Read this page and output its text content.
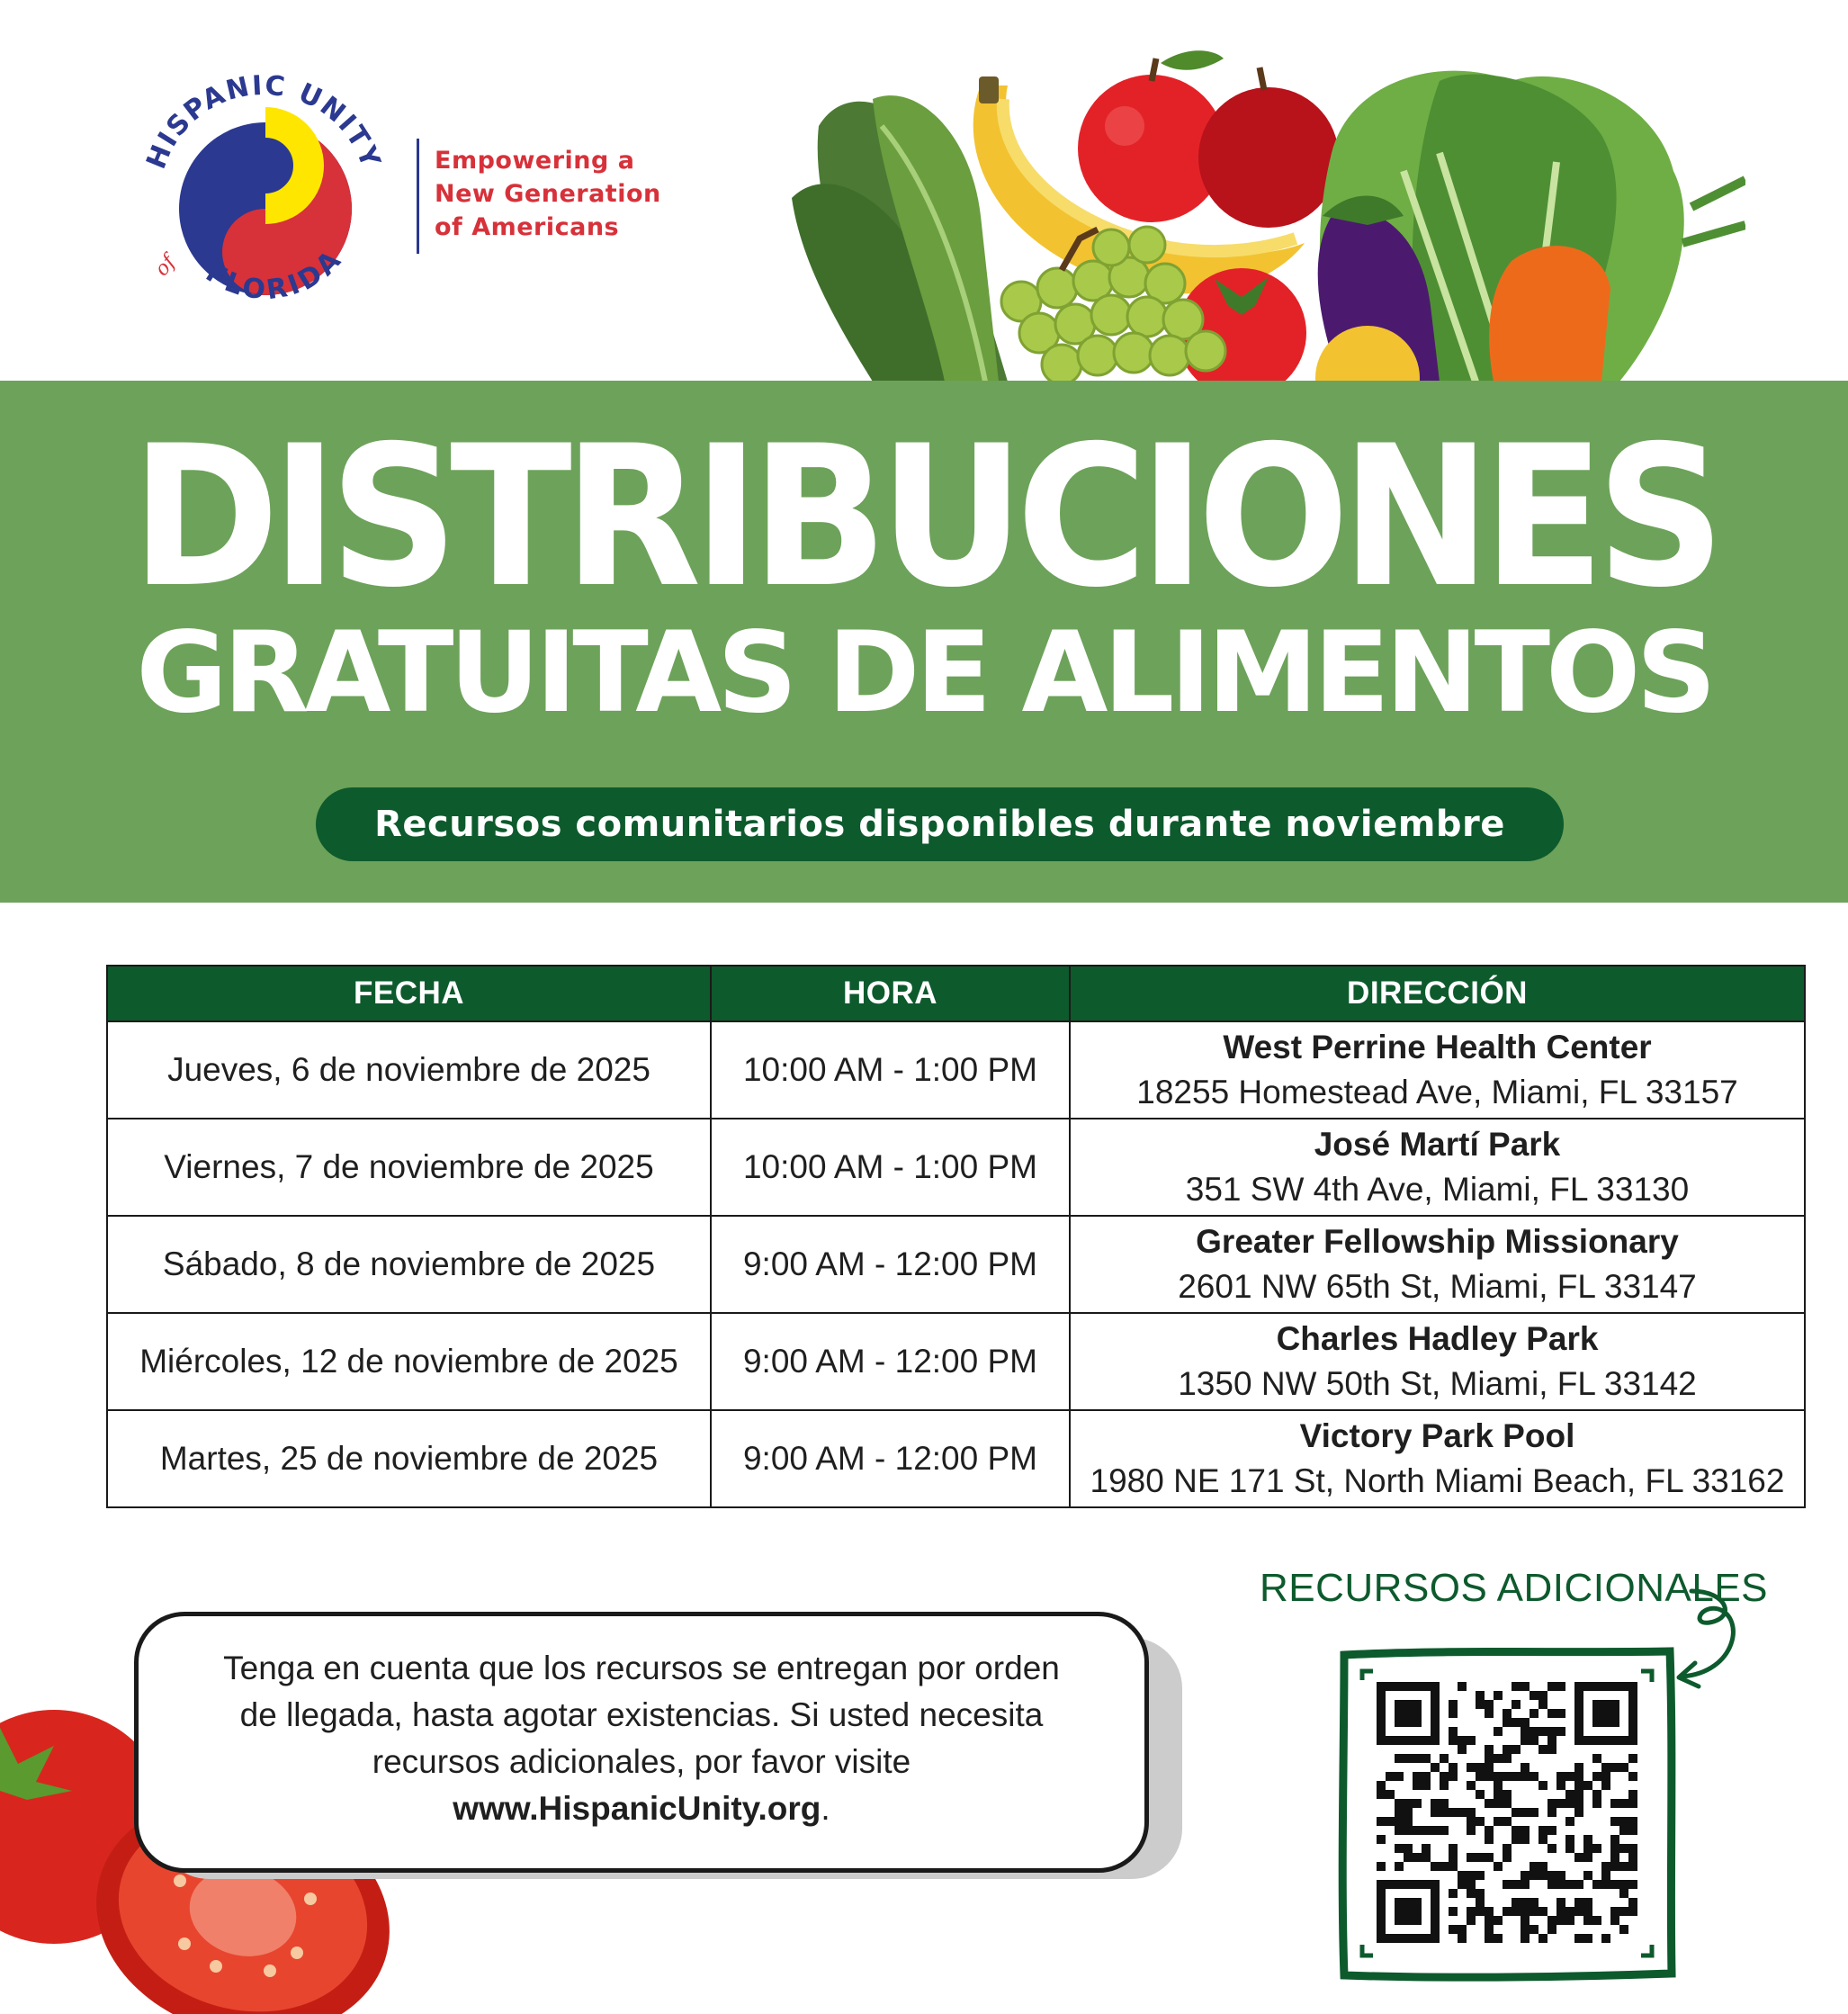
HISPANIC UNITY
FLORIDA
of
Empowering a
New Generation
of Americans
DISTRIBUCIONES
GRATUITAS DE ALIMENTOS
Recursos comunitarios disponibles durante noviembre
FECHA	HORA	DIRECCIÓN
Jueves, 6 de noviembre de 2025	10:00 AM - 1:00 PM	West Perrine Health Center
18255 Homestead Ave, Miami, FL 33157

Viernes, 7 de noviembre de 2025	10:00 AM - 1:00 PM	José Martí Park
351 SW 4th Ave, Miami, FL 33130

Sábado, 8 de noviembre de 2025	9:00 AM - 12:00 PM	Greater Fellowship Missionary
2601 NW 65th St, Miami, FL 33147

Miércoles, 12 de noviembre de 2025	9:00 AM - 12:00 PM	Charles Hadley Park
1350 NW 50th St, Miami, FL 33142

Martes, 25 de noviembre de 2025	9:00 AM - 12:00 PM	Victory Park Pool
1980 NE 171 St, North Miami Beach, FL 33162
Tenga en cuenta que los recursos se entregan por orden
de llegada, hasta agotar existencias. Si usted necesita
recursos adicionales, por favor visite
www.HispanicUnity.org.
RECURSOS ADICIONALES
